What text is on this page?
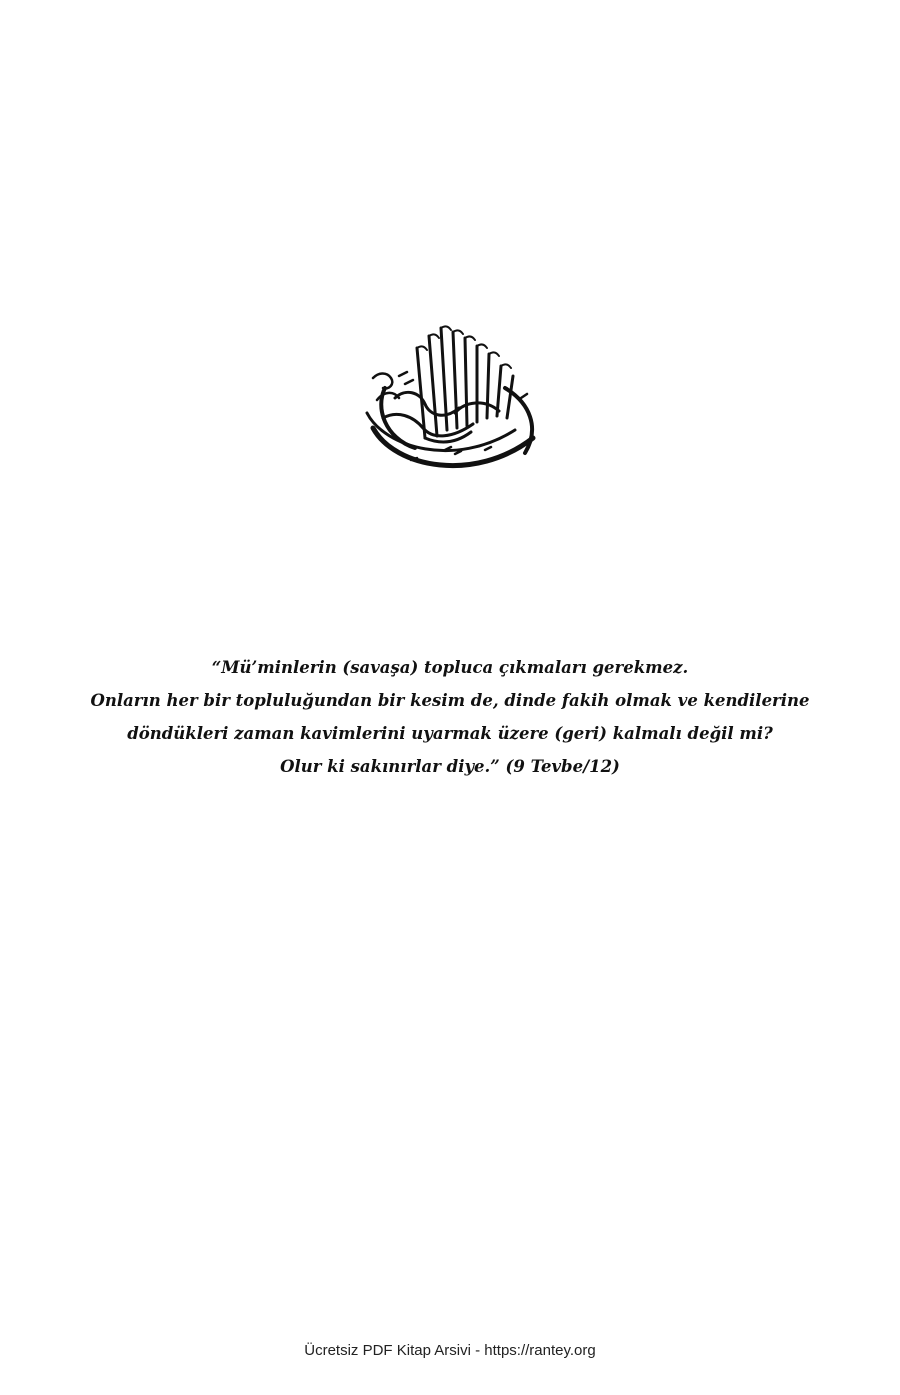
“Mü’minlerin (savaşa) topluca çıkmaları gerekmez.
Onların her bir topluluğundan bir kesim de, dinde fakih olmak ve kendilerine
döndükleri zaman kavimlerini uyarmak üzere (geri) kalmalı değil mi?
Olur ki sakınırlar diye.” (9 Tevbe/12)

Ücretsiz PDF Kitap Arsivi - https://rantey.org
